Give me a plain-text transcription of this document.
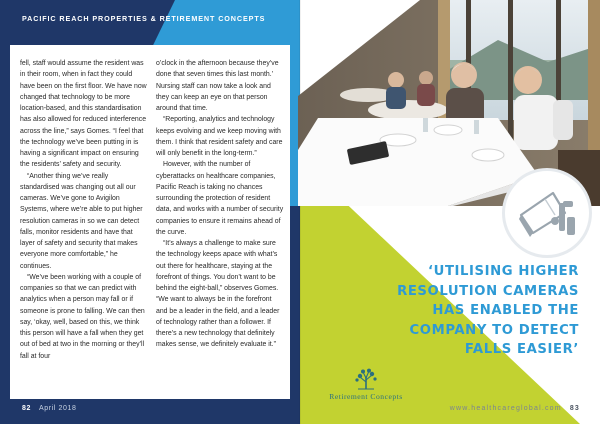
PACIFIC REACH PROPERTIES & RETIREMENT CONCEPTS

fell, staff would assume the resident was in their room, when in fact they could have been on the first floor. We have now changed that technology to be more location-based, and this standardisation has also allowed for reduced interference across the line,” says Gomes. “I feel that the technology we’ve been putting in is having a significant impact on ensuring the residents’ safety and security.

“Another thing we’ve really standardised was changing out all our cameras. We’ve gone to Avigilon Systems, where we’re able to put higher resolution cameras in so we can detect falls, monitor residents and have that layer of safety and security that makes everyone more comfortable,” he continues.

“We’ve been working with a couple of companies so that we can predict with analytics when a person may fall or if someone is prone to falling. We can then say, ‘okay, well, based on this, we think this person will have a fall when they get out of bed at two in the morning or they’ll fall at four

o’clock in the afternoon because they’ve done that seven times this last month.’ Nursing staff can now take a look and they can keep an eye on that person around that time.

“Reporting, analytics and technology keeps evolving and we keep moving with them. I think that resident safety and care will only benefit in the long-term.”

However, with the number of cyberattacks on healthcare companies, Pacific Reach is taking no chances surrounding the protection of resident data, and works with a number of security companies to ensure it remains ahead of the curve.

“It’s always a challenge to make sure the technology keeps apace with what’s out there for healthcare, staying at the forefront of things. You don’t want to be behind the eight-ball,” observes Gomes. “We want to always be in the forefront and be a leader in the field, and a leader of technology rather than a follower. If there’s a new technology that definitely makes sense, we definitely evaluate it.”

‘UTILISING HIGHER
RESOLUTION CAMERAS
HAS ENABLED THE
COMPANY TO DETECT
FALLS EASIER’
Retirement Concepts
82 April 2018	www.healthcareglobal.com 83
